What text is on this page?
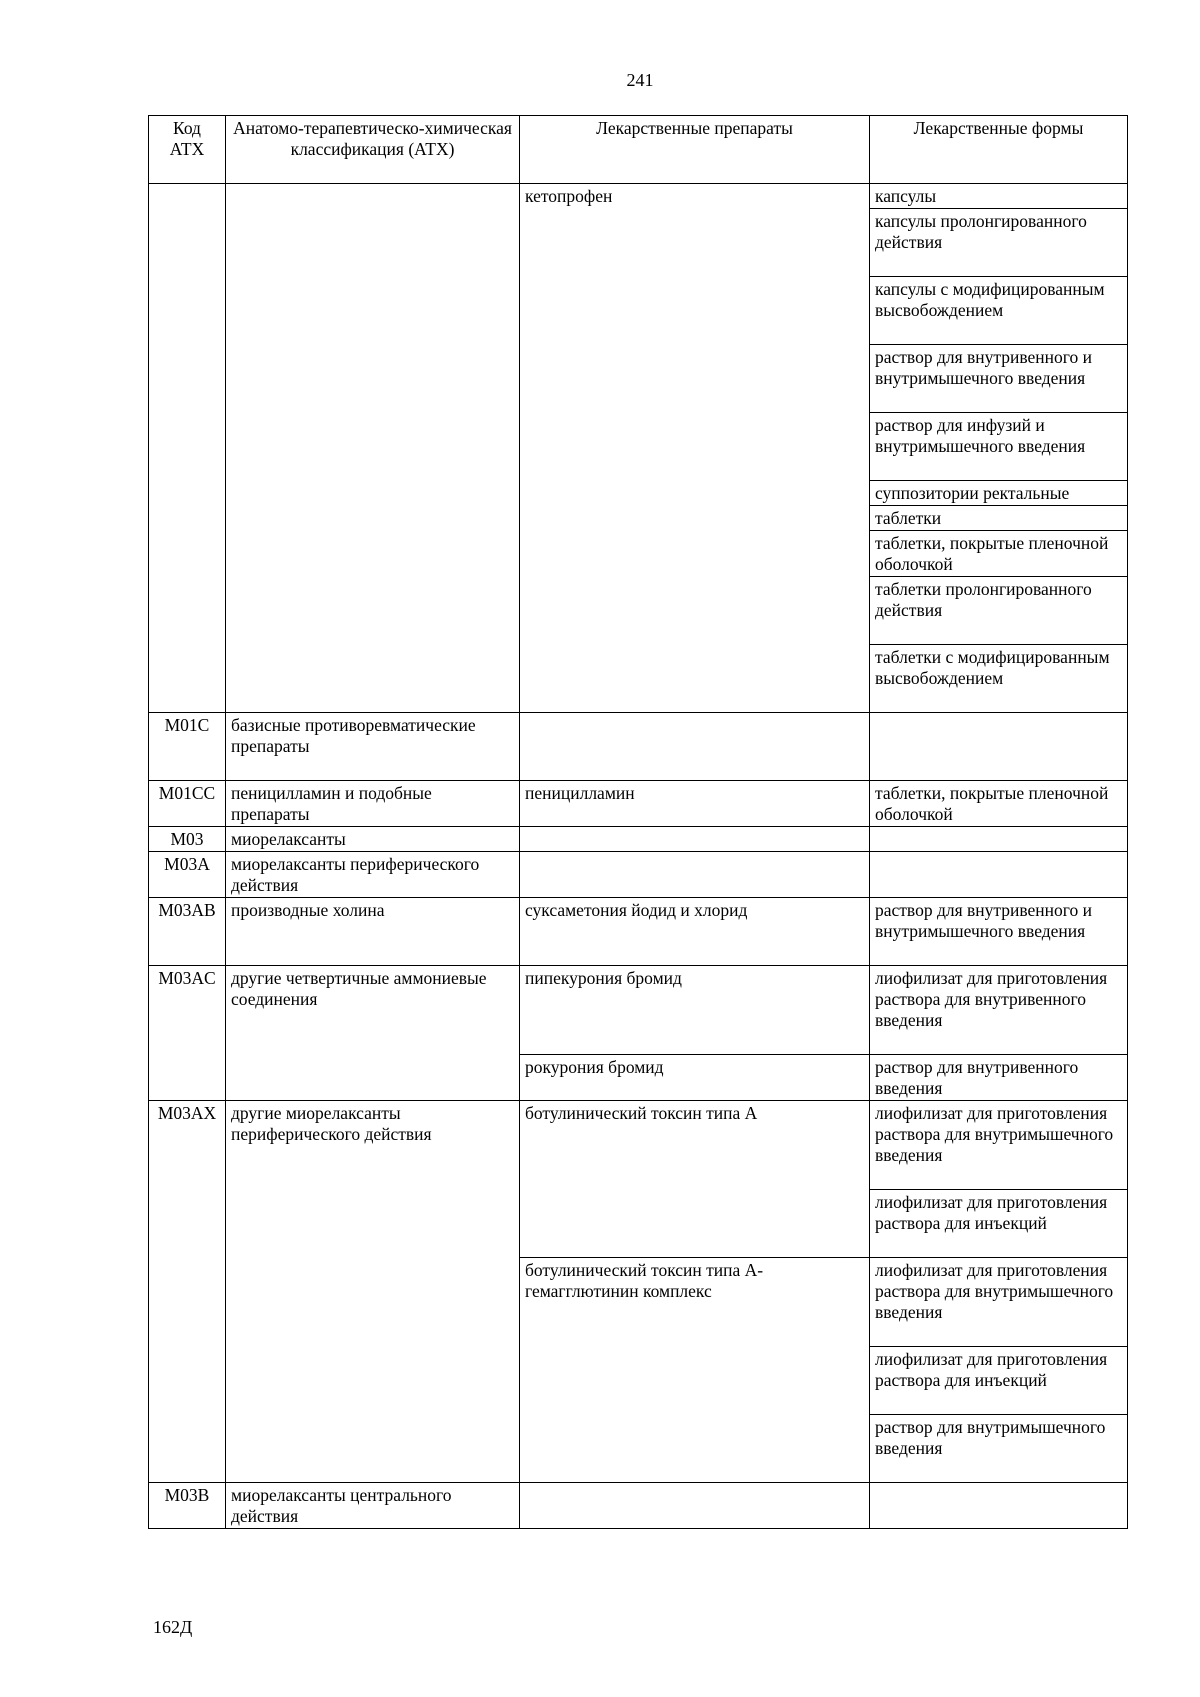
241
Код АТХ	Анатомо-терапевтическо-химическая классификация (АТХ)	Лекарственные препараты	Лекарственные формы
		кетопрофен	капсулы
			капсулы пролонгированного действия
			капсулы с модифицированным высвобождением
			раствор для внутривенного и внутримышечного введения
			раствор для инфузий и внутримышечного введения
			суппозитории ректальные
			таблетки
			таблетки, покрытые пленочной оболочкой
			таблетки пролонгированного действия
			таблетки с модифицированным высвобождением
M01C	базисные противоревматические препараты		
M01CC	пеницилламин и подобные препараты	пеницилламин	таблетки, покрытые пленочной оболочкой
M03	миорелаксанты		
M03A	миорелаксанты периферического действия		
M03AB	производные холина	суксаметония йодид и хлорид	раствор для внутривенного и внутримышечного введения
M03AC	другие четвертичные аммониевые соединения	пипекурония бромид	лиофилизат для приготовления раствора для внутривенного введения
		рокурония бромид	раствор для внутривенного введения
M03AX	другие миорелаксанты периферического действия	ботулинический токсин типа А	лиофилизат для приготовления раствора для внутримышечного введения
			лиофилизат для приготовления раствора для инъекций
		ботулинический токсин типа А-гемагглютинин комплекс	лиофилизат для приготовления раствора для внутримышечного введения
			лиофилизат для приготовления раствора для инъекций
			раствор для внутримышечного введения
M03B	миорелаксанты центрального действия		
162Д
